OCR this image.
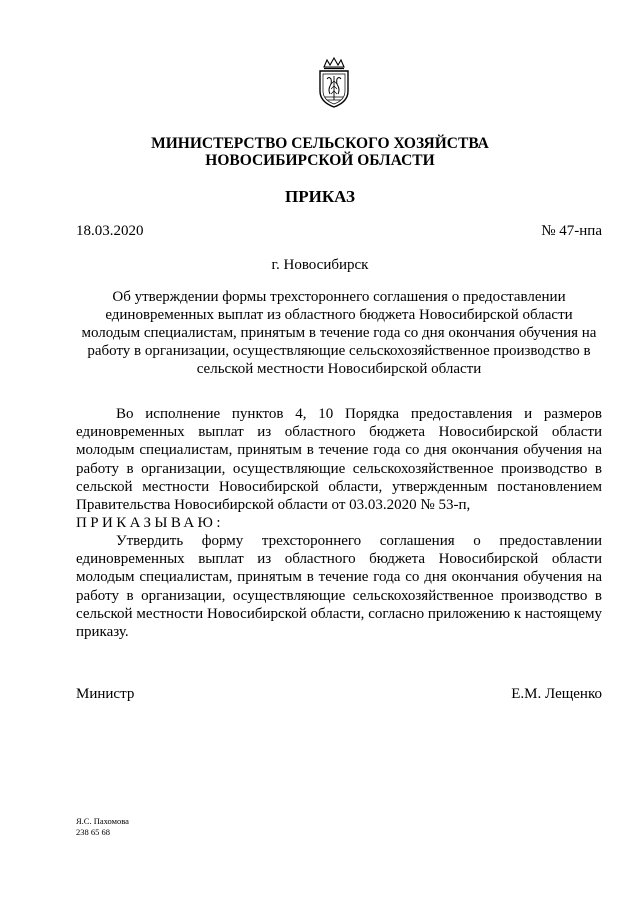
МИНИСТЕРСТВО СЕЛЬСКОГО ХОЗЯЙСТВА
НОВОСИБИРСКОЙ ОБЛАСТИ
ПРИКАЗ
18.03.2020	№ 47-нпа
г. Новосибирск
Об утверждении формы трехстороннего соглашения о предоставлении единовременных выплат из областного бюджета Новосибирской области молодым специалистам, принятым в течение года со дня окончания обучения на работу в организации, осуществляющие сельскохозяйственное производство в сельской местности Новосибирской области
Во исполнение пунктов 4, 10 Порядка предоставления и размеров единовременных выплат из областного бюджета Новосибирской области молодым специалистам, принятым в течение года со дня окончания обучения на работу в организации, осуществляющие сельскохозяйственное производство в сельской местности Новосибирской области, утвержденным постановлением Правительства Новосибирской области от 03.03.2020 № 53-п,
ПРИКАЗЫВАЮ:
Утвердить форму трехстороннего соглашения о предоставлении единовременных выплат из областного бюджета Новосибирской области молодым специалистам, принятым в течение года со дня окончания обучения на работу в организации, осуществляющие сельскохозяйственное производство в сельской местности Новосибирской области, согласно приложению к настоящему приказу.
Министр	Е.М. Лещенко
Я.С. Пахомова
238 65 68
